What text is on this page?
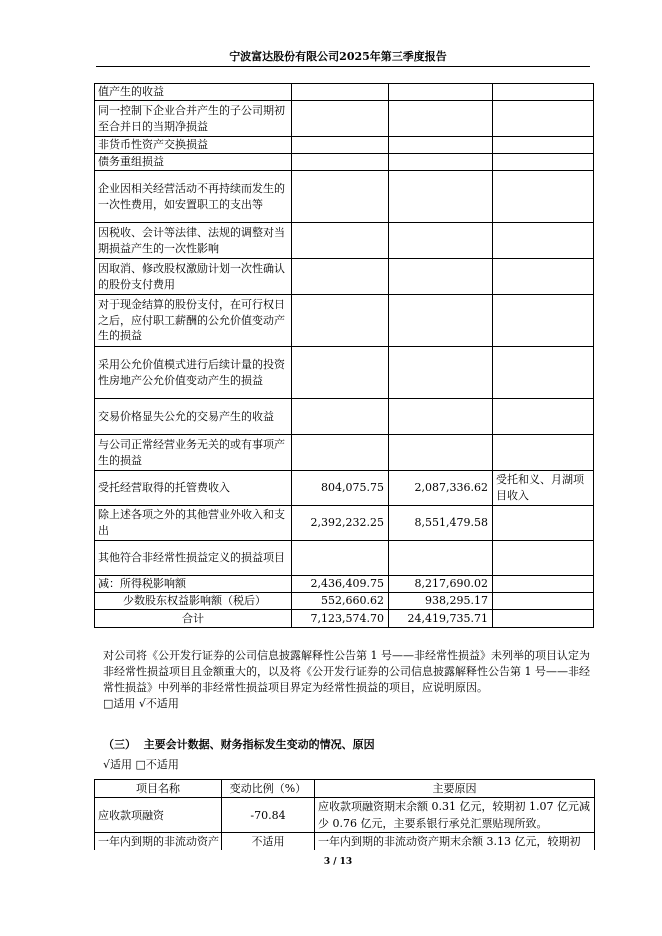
宁波富达股份有限公司2025年第三季度报告
值产生的收益			
同一控制下企业合并产生的子公司期初至合并日的当期净损益			
非货币性资产交换损益			
债务重组损益			
企业因相关经营活动不再持续而发生的一次性费用，如安置职工的支出等			
因税收、会计等法律、法规的调整对当期损益产生的一次性影响			
因取消、修改股权激励计划一次性确认的股份支付费用			
对于现金结算的股份支付，在可行权日之后，应付职工薪酬的公允价值变动产生的损益			
采用公允价值模式进行后续计量的投资性房地产公允价值变动产生的损益			
交易价格显失公允的交易产生的收益			
与公司正常经营业务无关的或有事项产生的损益			
受托经营取得的托管费收入	804,075.75	2,087,336.62	受托和义、月湖项目收入
除上述各项之外的其他营业外收入和支出	2,392,232.25	8,551,479.58	
其他符合非经常性损益定义的损益项目			
减：所得税影响额	2,436,409.75	8,217,690.02	
少数股东权益影响额（税后）	552,660.62	938,295.17	
合计	7,123,574.70	24,419,735.71	
对公司将《公开发行证券的公司信息披露解释性公告第 1 号——非经常性损益》未列举的项目认定为非经常性损益项目且金额重大的，以及将《公开发行证券的公司信息披露解释性公告第 1 号——非经常性损益》中列举的非经常性损益项目界定为经常性损益的项目，应说明原因。
□适用 √不适用
（三）  主要会计数据、财务指标发生变动的情况、原因
√适用 □不适用
项目名称	变动比例（%）	主要原因
应收款项融资	-70.84	应收款项融资期末余额 0.31 亿元，较期初 1.07 亿元减少 0.76 亿元，主要系银行承兑汇票贴现所致。
一年内到期的非流动资产	不适用	一年内到期的非流动资产期末余额 3.13 亿元，较期初
3 / 13
